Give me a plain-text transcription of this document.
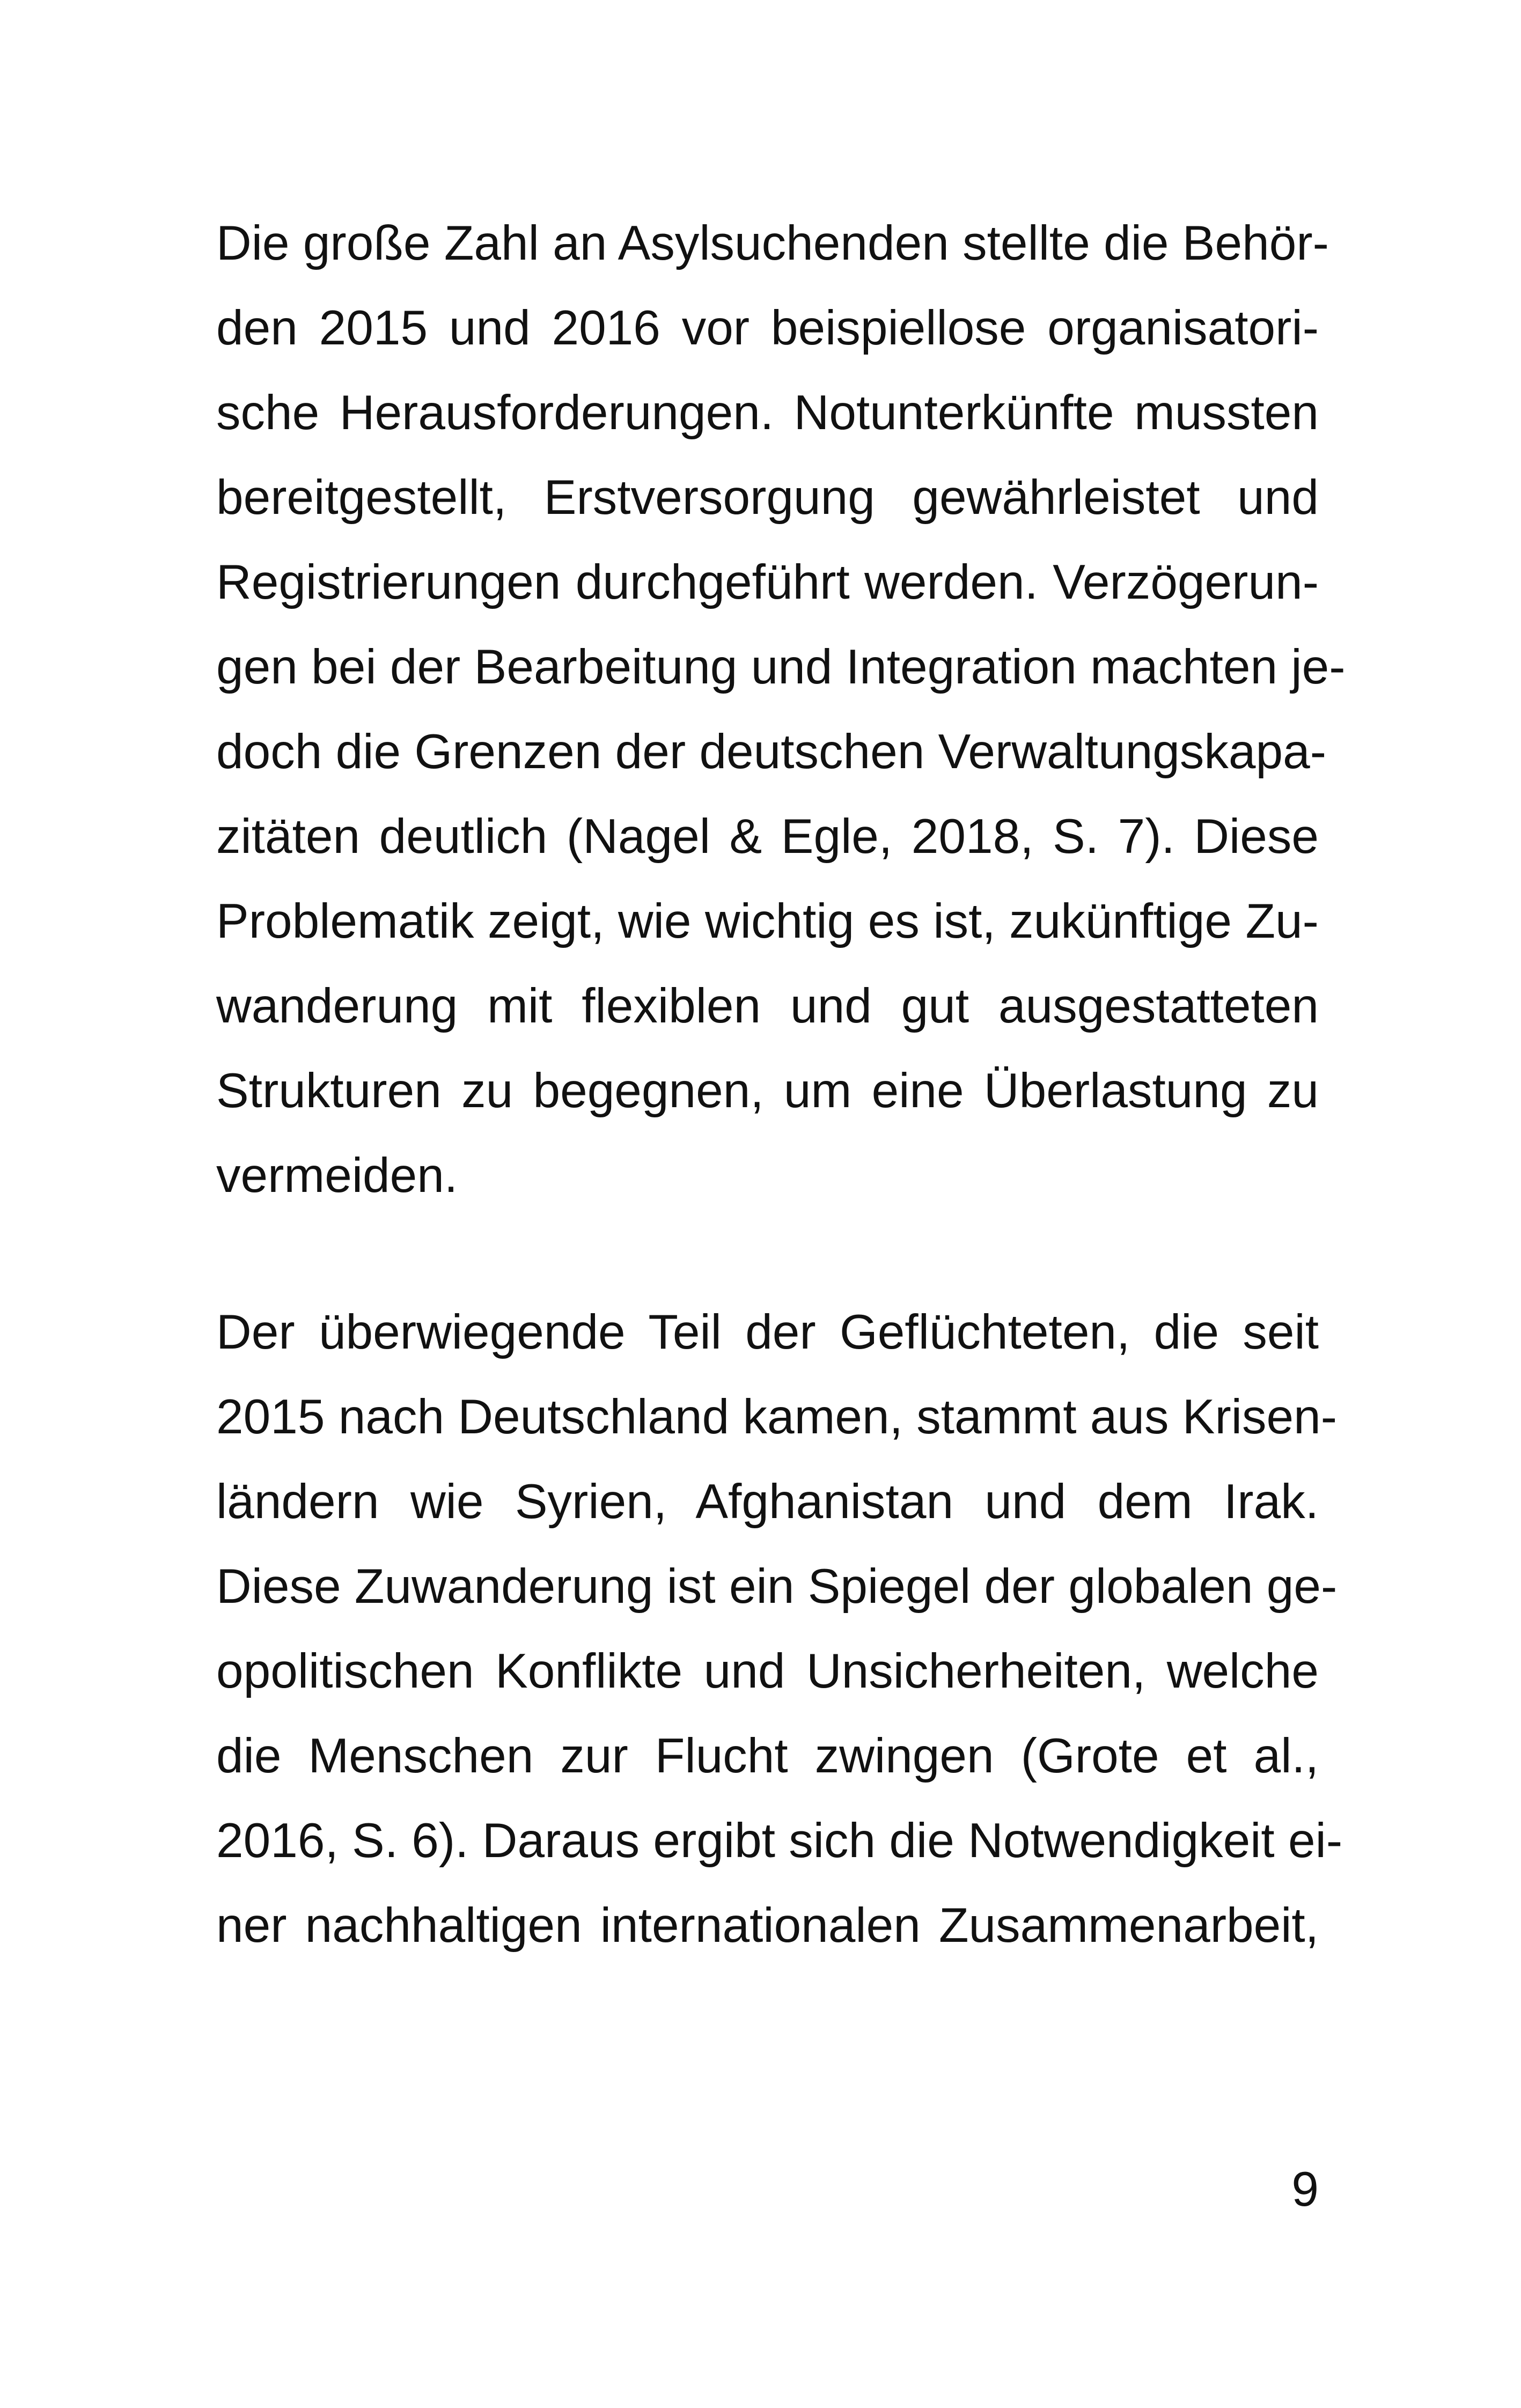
Die große Zahl an Asylsuchenden stellte die Behör-
den 2015 und 2016 vor beispiellose organisatori-
sche Herausforderungen. Notunterkünfte mussten
bereitgestellt, Erstversorgung gewährleistet und
Registrierungen durchgeführt werden. Verzögerun-
gen bei der Bearbeitung und Integration machten je-
doch die Grenzen der deutschen Verwaltungskapa-
zitäten deutlich (Nagel & Egle, 2018, S. 7). Diese
Problematik zeigt, wie wichtig es ist, zukünftige Zu-
wanderung mit flexiblen und gut ausgestatteten
Strukturen zu begegnen, um eine Überlastung zu
vermeiden.
Der überwiegende Teil der Geflüchteten, die seit
2015 nach Deutschland kamen, stammt aus Krisen-
ländern wie Syrien, Afghanistan und dem Irak.
Diese Zuwanderung ist ein Spiegel der globalen ge-
opolitischen Konflikte und Unsicherheiten, welche
die Menschen zur Flucht zwingen (Grote et al.,
2016, S. 6). Daraus ergibt sich die Notwendigkeit ei-
ner nachhaltigen internationalen Zusammenarbeit,
9
